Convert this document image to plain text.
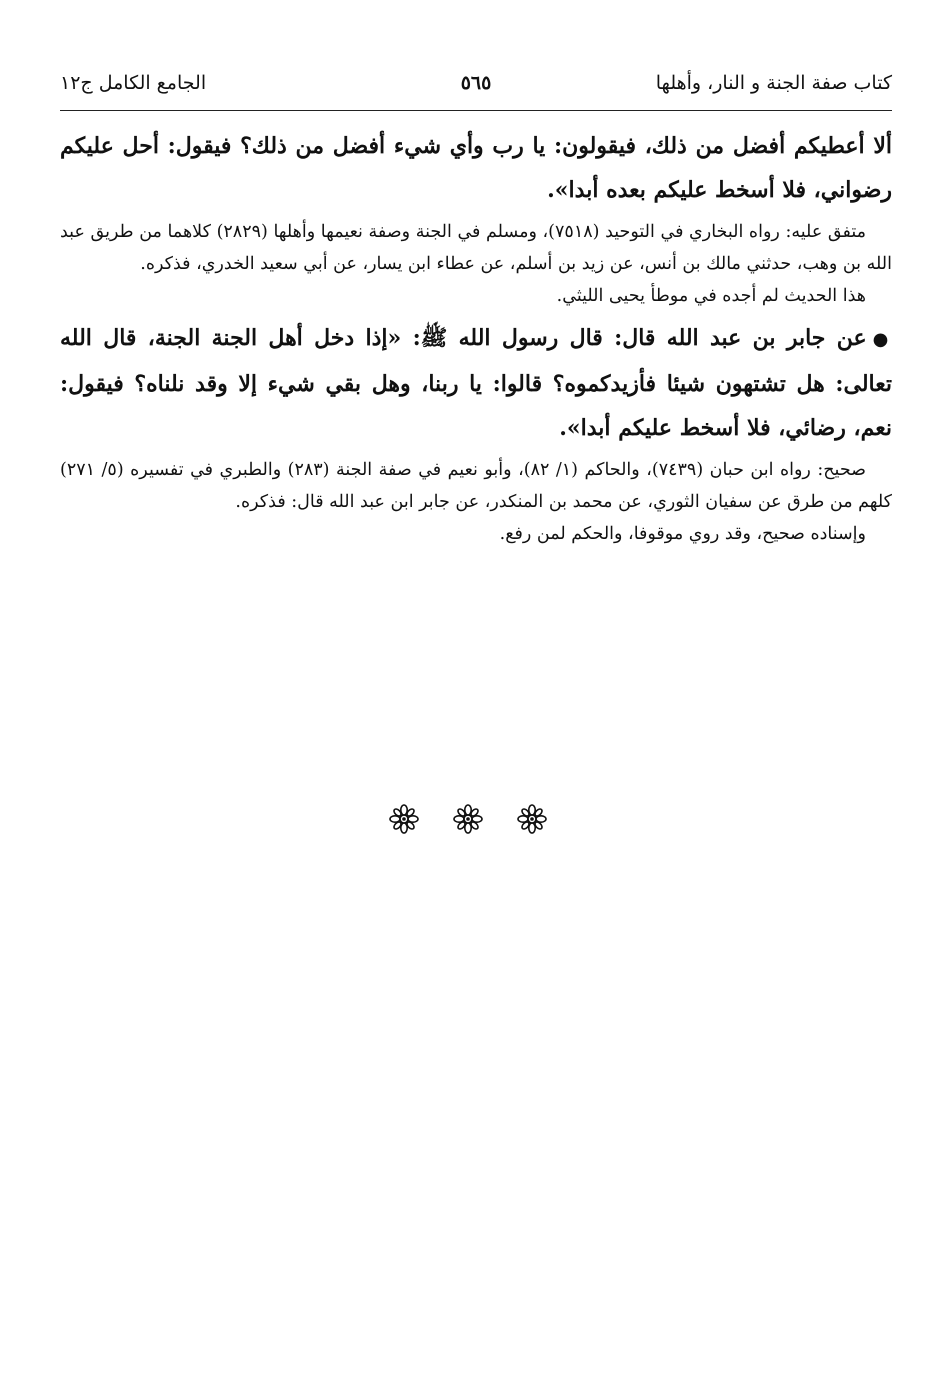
كتاب صفة الجنة و النار، وأهلها
٥٦٥
الجامع الكامل ج١٢

ألا أعطيكم أفضل من ذلك، فيقولون: يا رب وأي شيء أفضل من ذلك؟ فيقول: أحل عليكم رضواني، فلا أسخط عليكم بعده أبدا».

متفق عليه: رواه البخاري في التوحيد (٧٥١٨)، ومسلم في الجنة وصفة نعيمها وأهلها (٢٨٢٩) كلاهما من طريق عبد الله بن وهب، حدثني مالك بن أنس، عن زيد بن أسلم، عن عطاء ابن يسار، عن أبي سعيد الخدري، فذكره.

هذا الحديث لم أجده في موطأ يحيى الليثي.

●عن جابر بن عبد الله قال: قال رسول الله ﷺ: «إذا دخل أهل الجنة الجنة، قال الله تعالى: هل تشتهون شيئا فأزيدكموه؟ قالوا: يا ربنا، وهل بقي شيء إلا وقد نلناه؟ فيقول: نعم، رضائي، فلا أسخط عليكم أبدا».

صحيح: رواه ابن حبان (٧٤٣٩)، والحاكم (١/ ٨٢)، وأبو نعيم في صفة الجنة (٢٨٣) والطبري في تفسيره (٥/ ٢٧١) كلهم من طرق عن سفيان الثوري، عن محمد بن المنكدر، عن جابر ابن عبد الله قال: فذكره.

وإسناده صحيح، وقد روي موقوفا، والحكم لمن رفع.
